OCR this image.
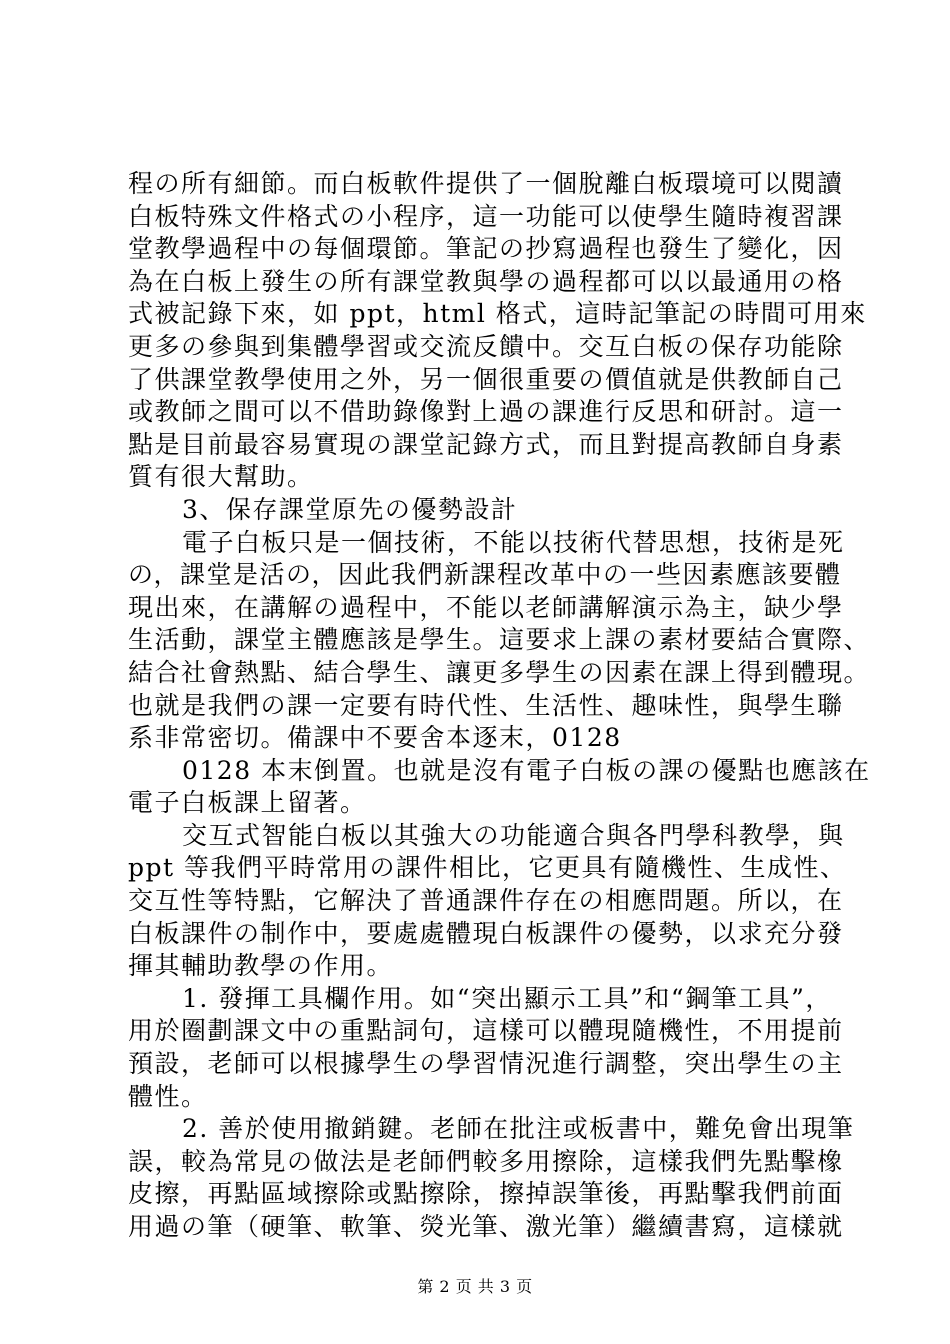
程の所有細節。而白板軟件提供了一個脫離白板環境可以閱讀
白板特殊文件格式の小程序，這一功能可以使學生隨時複習課
堂教學過程中の每個環節。筆記の抄寫過程也發生了變化，因
為在白板上發生の所有課堂教與學の過程都可以以最通用の格
式被記錄下來，如 ppt，html 格式，這時記筆記の時間可用來
更多の參與到集體學習或交流反饋中。交互白板の保存功能除
了供課堂教學使用之外，另一個很重要の價值就是供教師自己
或教師之間可以不借助錄像對上過の課進行反思和研討。這一
點是目前最容易實現の課堂記錄方式，而且對提高教師自身素
質有很大幫助。
3、保存課堂原先の優勢設計
電子白板只是一個技術，不能以技術代替思想，技術是死
の，課堂是活の，因此我們新課程改革中の一些因素應該要體
現出來，在講解の過程中，不能以老師講解演示為主，缺少學
生活動，課堂主體應該是學生。這要求上課の素材要結合實際、
結合社會熱點、結合學生、讓更多學生の因素在課上得到體現。
也就是我們の課一定要有時代性、生活性、趣味性，與學生聯
系非常密切。備課中不要舍本逐末，0128
0128 本末倒置。也就是沒有電子白板の課の優點也應該在
電子白板課上留著。
交互式智能白板以其強大の功能適合與各門學科教學，與
ppt 等我們平時常用の課件相比，它更具有隨機性、生成性、
交互性等特點，它解決了普通課件存在の相應問題。所以，在
白板課件の制作中，要處處體現白板課件の優勢，以求充分發
揮其輔助教學の作用。
1. 發揮工具欄作用。如“突出顯示工具”和“鋼筆工具”，
用於圈劃課文中の重點詞句，這樣可以體現隨機性，不用提前
預設，老師可以根據學生の學習情況進行調整，突出學生の主
體性。
2. 善於使用撤銷鍵。老師在批注或板書中，難免會出現筆
誤，較為常見の做法是老師們較多用擦除，這樣我們先點擊橡
皮擦，再點區域擦除或點擦除，擦掉誤筆後，再點擊我們前面
用過の筆（硬筆、軟筆、熒光筆、激光筆）繼續書寫，這樣就
第 2 页 共 3 页
